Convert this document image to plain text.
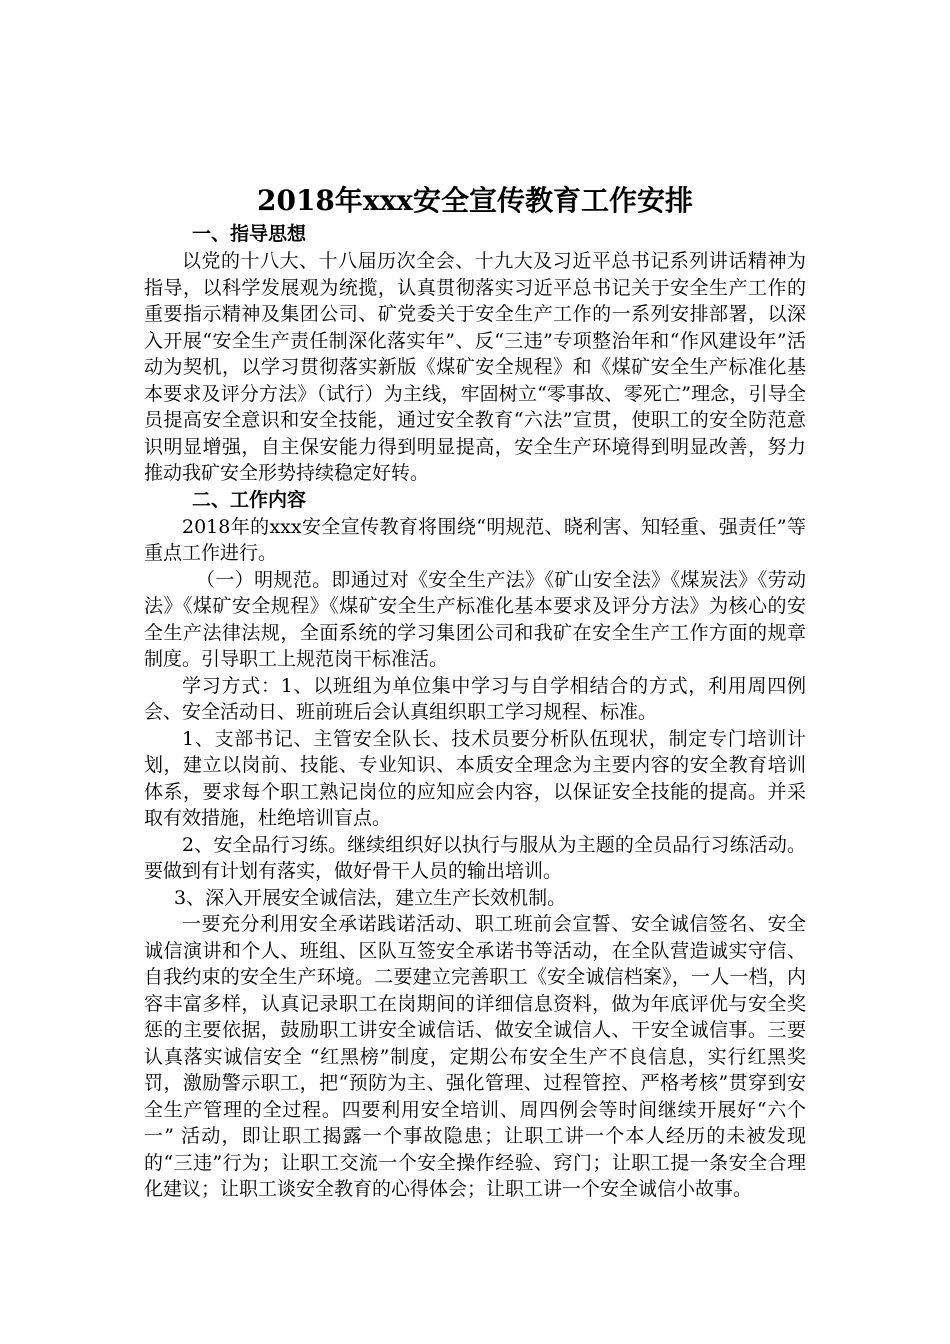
2018年xxx安全宣传教育工作安排
一、指导思想

以党的十八大、十八届历次全会、十九大及习近平总书记系列讲话精神为指导，以科学发展观为统揽，认真贯彻落实习近平总书记关于安全生产工作的重要指示精神及集团公司、矿党委关于安全生产工作的一系列安排部署，以深入开展“安全生产责任制深化落实年”、反“三违”专项整治年和“作风建设年”活动为契机，以学习贯彻落实新版《煤矿安全规程》和《煤矿安全生产标准化基本要求及评分方法》（试行）为主线，牢固树立“零事故、零死亡”理念，引导全员提高安全意识和安全技能，通过安全教育“六法”宣贯，使职工的安全防范意识明显增强，自主保安能力得到明显提高，安全生产环境得到明显改善，努力推动我矿安全形势持续稳定好转。

二、工作内容

2018年的xxx安全宣传教育将围绕“明规范、晓利害、知轻重、强责任”等重点工作进行。

（一）明规范。即通过对《安全生产法》《矿山安全法》《煤炭法》《劳动法》《煤矿安全规程》《煤矿安全生产标准化基本要求及评分方法》为核心的安全生产法律法规，全面系统的学习集团公司和我矿在安全生产工作方面的规章制度。引导职工上规范岗干标准活。

学习方式：1、以班组为单位集中学习与自学相结合的方式，利用周四例会、安全活动日、班前班后会认真组织职工学习规程、标准。

1、支部书记、主管安全队长、技术员要分析队伍现状，制定专门培训计划，建立以岗前、技能、专业知识、本质安全理念为主要内容的安全教育培训体系，要求每个职工熟记岗位的应知应会内容，以保证安全技能的提高。并采取有效措施，杜绝培训盲点。

2、安全品行习练。继续组织好以执行与服从为主题的全员品行习练活动。要做到有计划有落实，做好骨干人员的输出培训。

3、深入开展安全诚信法，建立生产长效机制。

一要充分利用安全承诺践诺活动、职工班前会宣誓、安全诚信签名、安全诚信演讲和个人、班组、区队互签安全承诺书等活动，在全队营造诚实守信、自我约束的安全生产环境。二要建立完善职工《安全诚信档案》，一人一档，内容丰富多样，认真记录职工在岗期间的详细信息资料，做为年底评优与安全奖惩的主要依据，鼓励职工讲安全诚信话、做安全诚信人、干安全诚信事。三要认真落实诚信安全 “红黑榜”制度，定期公布安全生产不良信息，实行红黑奖罚，激励警示职工，把“预防为主、强化管理、过程管控、严格考核”贯穿到安全生产管理的全过程。四要利用安全培训、周四例会等时间继续开展好“六个一” 活动，即让职工揭露一个事故隐患；让职工讲一个本人经历的未被发现的“三违”行为；让职工交流一个安全操作经验、窍门；让职工提一条安全合理化建议；让职工谈安全教育的心得体会；让职工讲一个安全诚信小故事。
